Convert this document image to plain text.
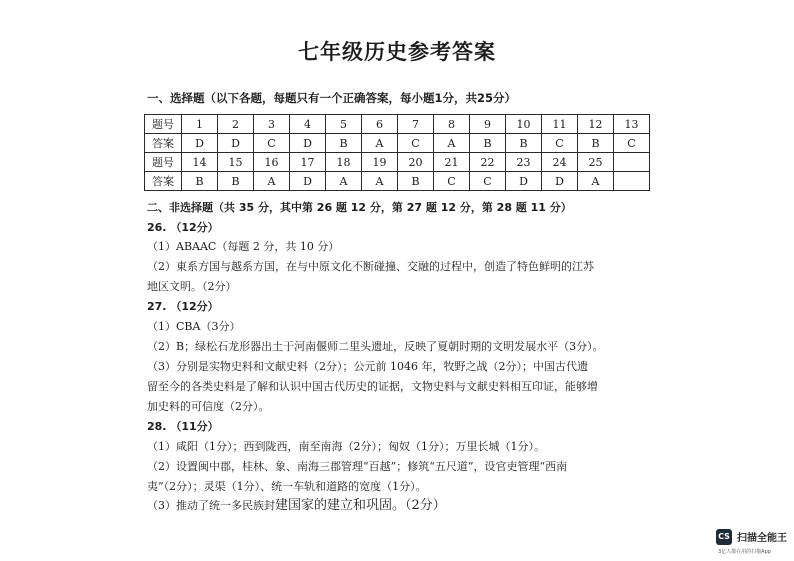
七年级历史参考答案
一、选择题（以下各题，每题只有一个正确答案，每小题1分，共25分）
题号	1	2	3	4	5	6	7	8	9	10	11	12	13
答案	D	D	C	D	B	A	C	A	B	B	C	B	C
题号	14	15	16	17	18	19	20	21	22	23	24	25	
答案	B	B	A	D	A	A	B	C	C	D	D	A	
二、非选择题（共 35 分，其中第 26 题 12 分，第 27 题 12 分，第 28 题 11 分）
26. （12分）
（1）ABAAC（每题 2 分，共 10 分）
（2）東系方国与越系方国，在与中原文化不断碰撞、交融的过程中，创造了特色鲜明的江苏
地区文明。（2分）
27. （12分）
（1）CBA（3分）
（2）B；绿松石龙形器出土于河南偃师二里头遗址，反映了夏朝时期的文明发展水平（3分）。
（3）分别是实物史料和文献史料（2分）；公元前 1046 年，牧野之战（2分）；中国古代遗
留至今的各类史料是了解和认识中国古代历史的证据，文物史料与文献史料相互印证，能够增
加史料的可信度（2分）。
28. （11分）
（1）咸阳（1分）；西到陇西，南至南海（2分）；匈奴（1分）；万里长城（1分）。
（2）设置闽中郡，桂林、象、南海三郡管理“百越”；修筑“五尺道”，设官吏管理“西南
夷”（2分）；灵渠（1分）、统一车轨和道路的宽度（1分）。
（3）推动了统一多民族封建国家的建立和巩固。（2分）
CS 扫描全能王
3亿人都在用的扫描App
